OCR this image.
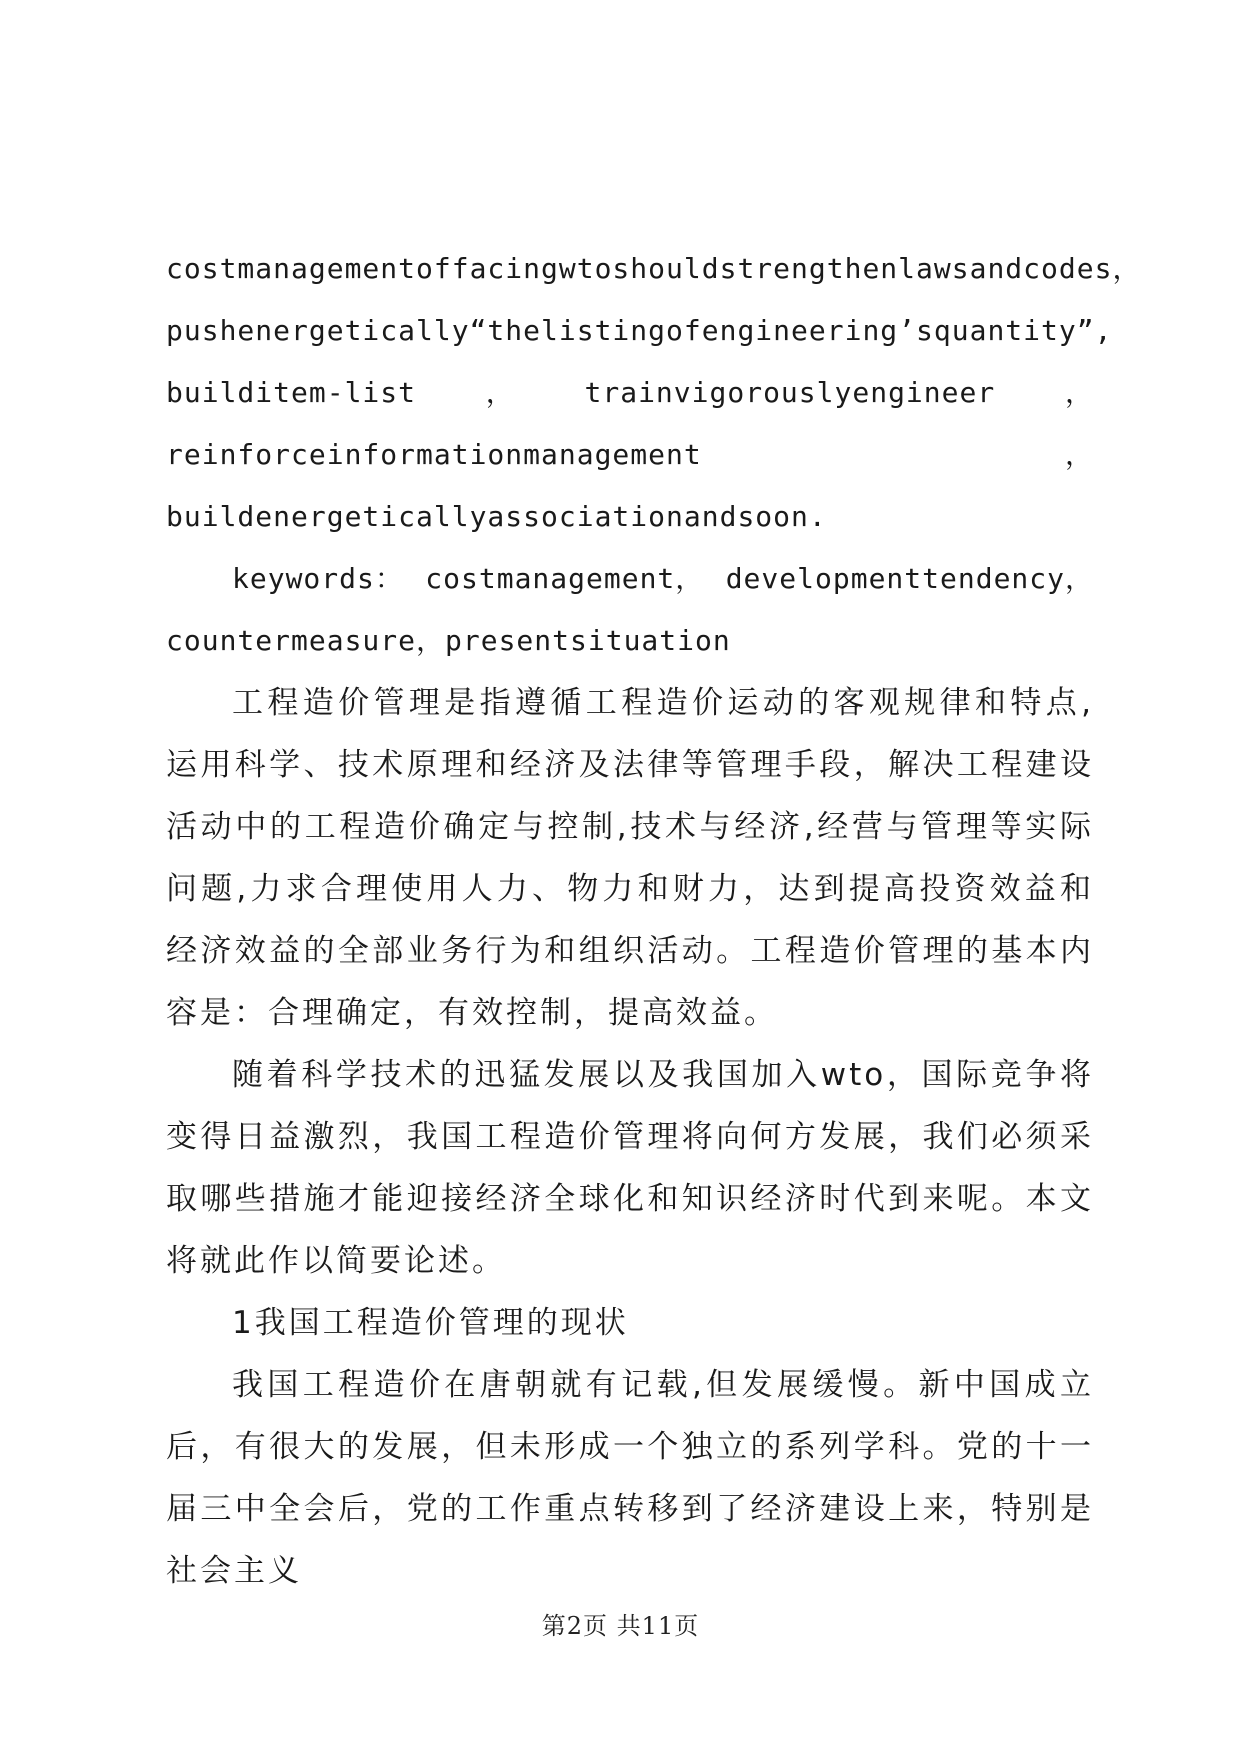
costmanagementoffacingwtoshouldstrengthenlawsandcodes，
pushenergetically“thelistingofengineering’squantity”,
builditem-list ， trainvigorouslyengineer ，
reinforceinformationmanagement	，
buildenergeticallyassociationandsoon.
keywords： costmanagement， developmenttendency，
countermeasure，presentsituation

工程造价管理是指遵循工程造价运动的客观规律和特点,运用科学、技术原理和经济及法律等管理手段，解决工程建设活动中的工程造价确定与控制,技术与经济,经营与管理等实际问题,力求合理使用人力、物力和财力，达到提高投资效益和经济效益的全部业务行为和组织活动。工程造价管理的基本内容是：合理确定，有效控制，提高效益。

随着科学技术的迅猛发展以及我国加入wto，国际竞争将变得日益激烈，我国工程造价管理将向何方发展，我们必须采取哪些措施才能迎接经济全球化和知识经济时代到来呢。本文将就此作以简要论述。

1我国工程造价管理的现状

我国工程造价在唐朝就有记载,但发展缓慢。新中国成立后，有很大的发展，但未形成一个独立的系列学科。党的十一届三中全会后，党的工作重点转移到了经济建设上来，特别是社会主义

第2页 共11页
